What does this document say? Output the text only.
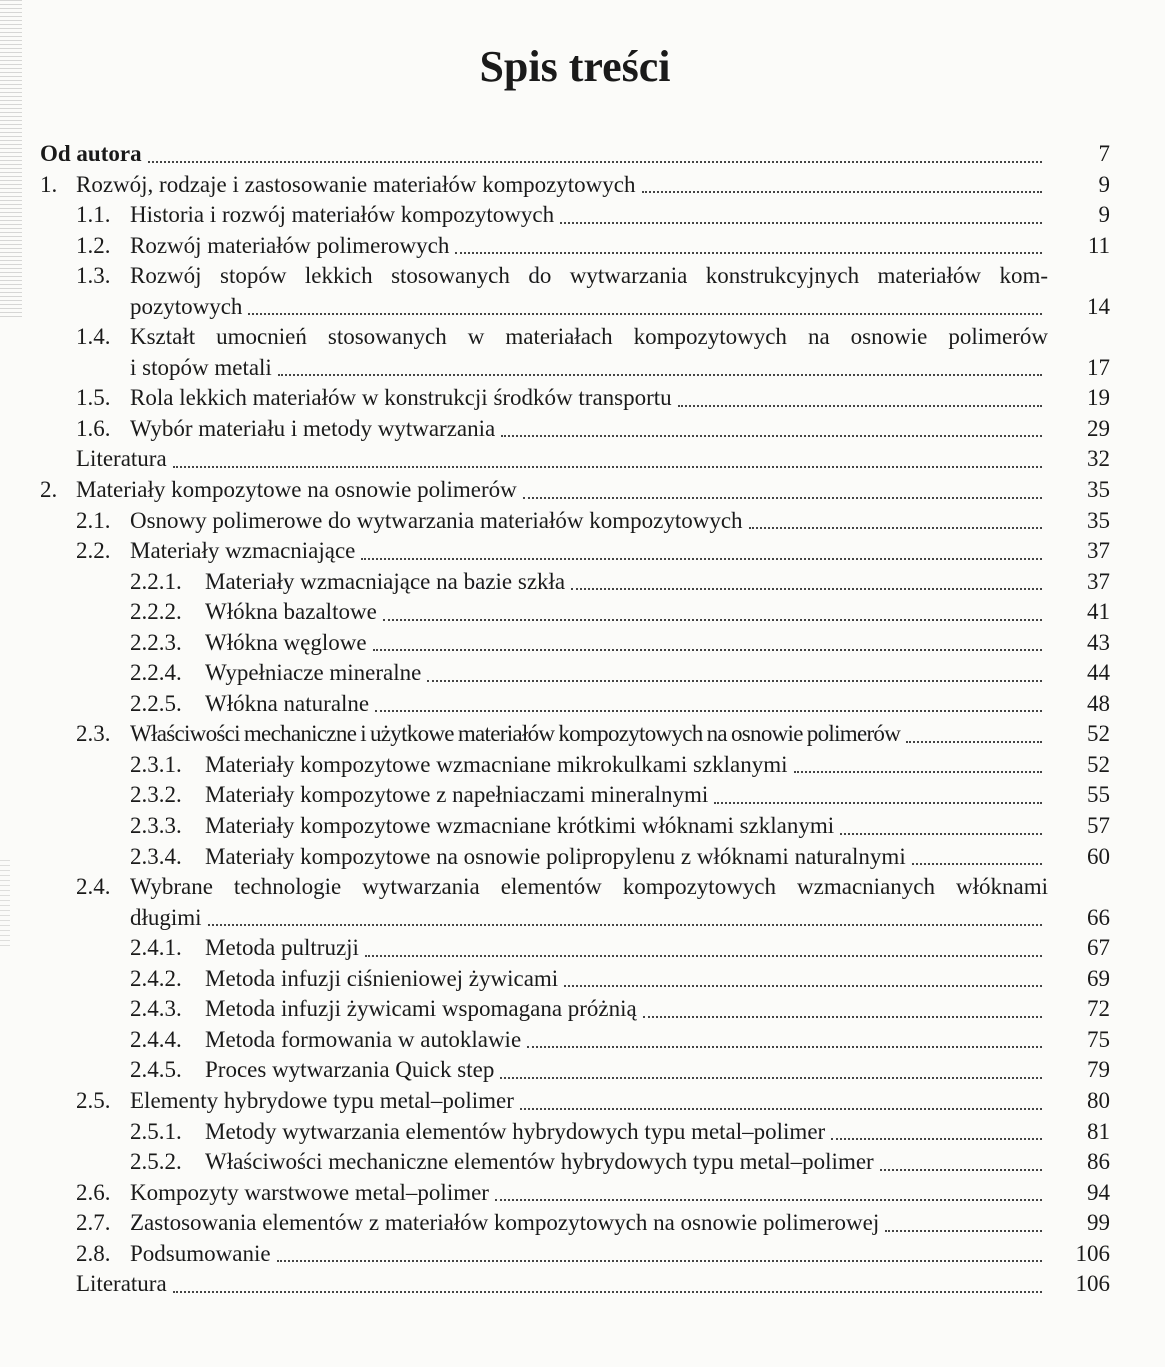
Spis treści
Od autora	7
1. Rozwój, rodzaje i zastosowanie materiałów kompozytowych	9
1.1. Historia i rozwój materiałów kompozytowych	9
1.2. Rozwój materiałów polimerowych	11
1.3. Rozwój stopów lekkich stosowanych do wytwarzania konstrukcyjnych materiałów kom-
pozytowych	14
1.4. Kształt umocnień stosowanych w materiałach kompozytowych na osnowie polimerów
i stopów metali	17
1.5. Rola lekkich materiałów w konstrukcji środków transportu	19
1.6. Wybór materiału i metody wytwarzania	29
Literatura	32
2. Materiały kompozytowe na osnowie polimerów	35
2.1. Osnowy polimerowe do wytwarzania materiałów kompozytowych	35
2.2. Materiały wzmacniające	37
2.2.1.	Materiały wzmacniające na bazie szkła	37
2.2.2.	Włókna bazaltowe	41
2.2.3.	Włókna węglowe	43
2.2.4.	Wypełniacze mineralne	44
2.2.5.	Włókna naturalne	48
2.3. Właściwości mechaniczne i użytkowe materiałów kompozytowych na osnowie polimerów	52
2.3.1.	Materiały kompozytowe wzmacniane mikrokulkami szklanymi	52
2.3.2.	Materiały kompozytowe z napełniaczami mineralnymi	55
2.3.3.	Materiały kompozytowe wzmacniane krótkimi włóknami szklanymi	57
2.3.4.	Materiały kompozytowe na osnowie polipropylenu z włóknami naturalnymi	60
2.4. Wybrane technologie wytwarzania elementów kompozytowych wzmacnianych włóknami
długimi	66
2.4.1.	Metoda pultruzji	67
2.4.2.	Metoda infuzji ciśnieniowej żywicami	69
2.4.3.	Metoda infuzji żywicami wspomagana próżnią	72
2.4.4.	Metoda formowania w autoklawie	75
2.4.5.	Proces wytwarzania Quick step	79
2.5. Elementy hybrydowe typu metal–polimer	80
2.5.1.	Metody wytwarzania elementów hybrydowych typu metal–polimer	81
2.5.2.	Właściwości mechaniczne elementów hybrydowych typu metal–polimer	86
2.6. Kompozyty warstwowe metal–polimer	94
2.7. Zastosowania elementów z materiałów kompozytowych na osnowie polimerowej	99
2.8. Podsumowanie	106
Literatura	106
